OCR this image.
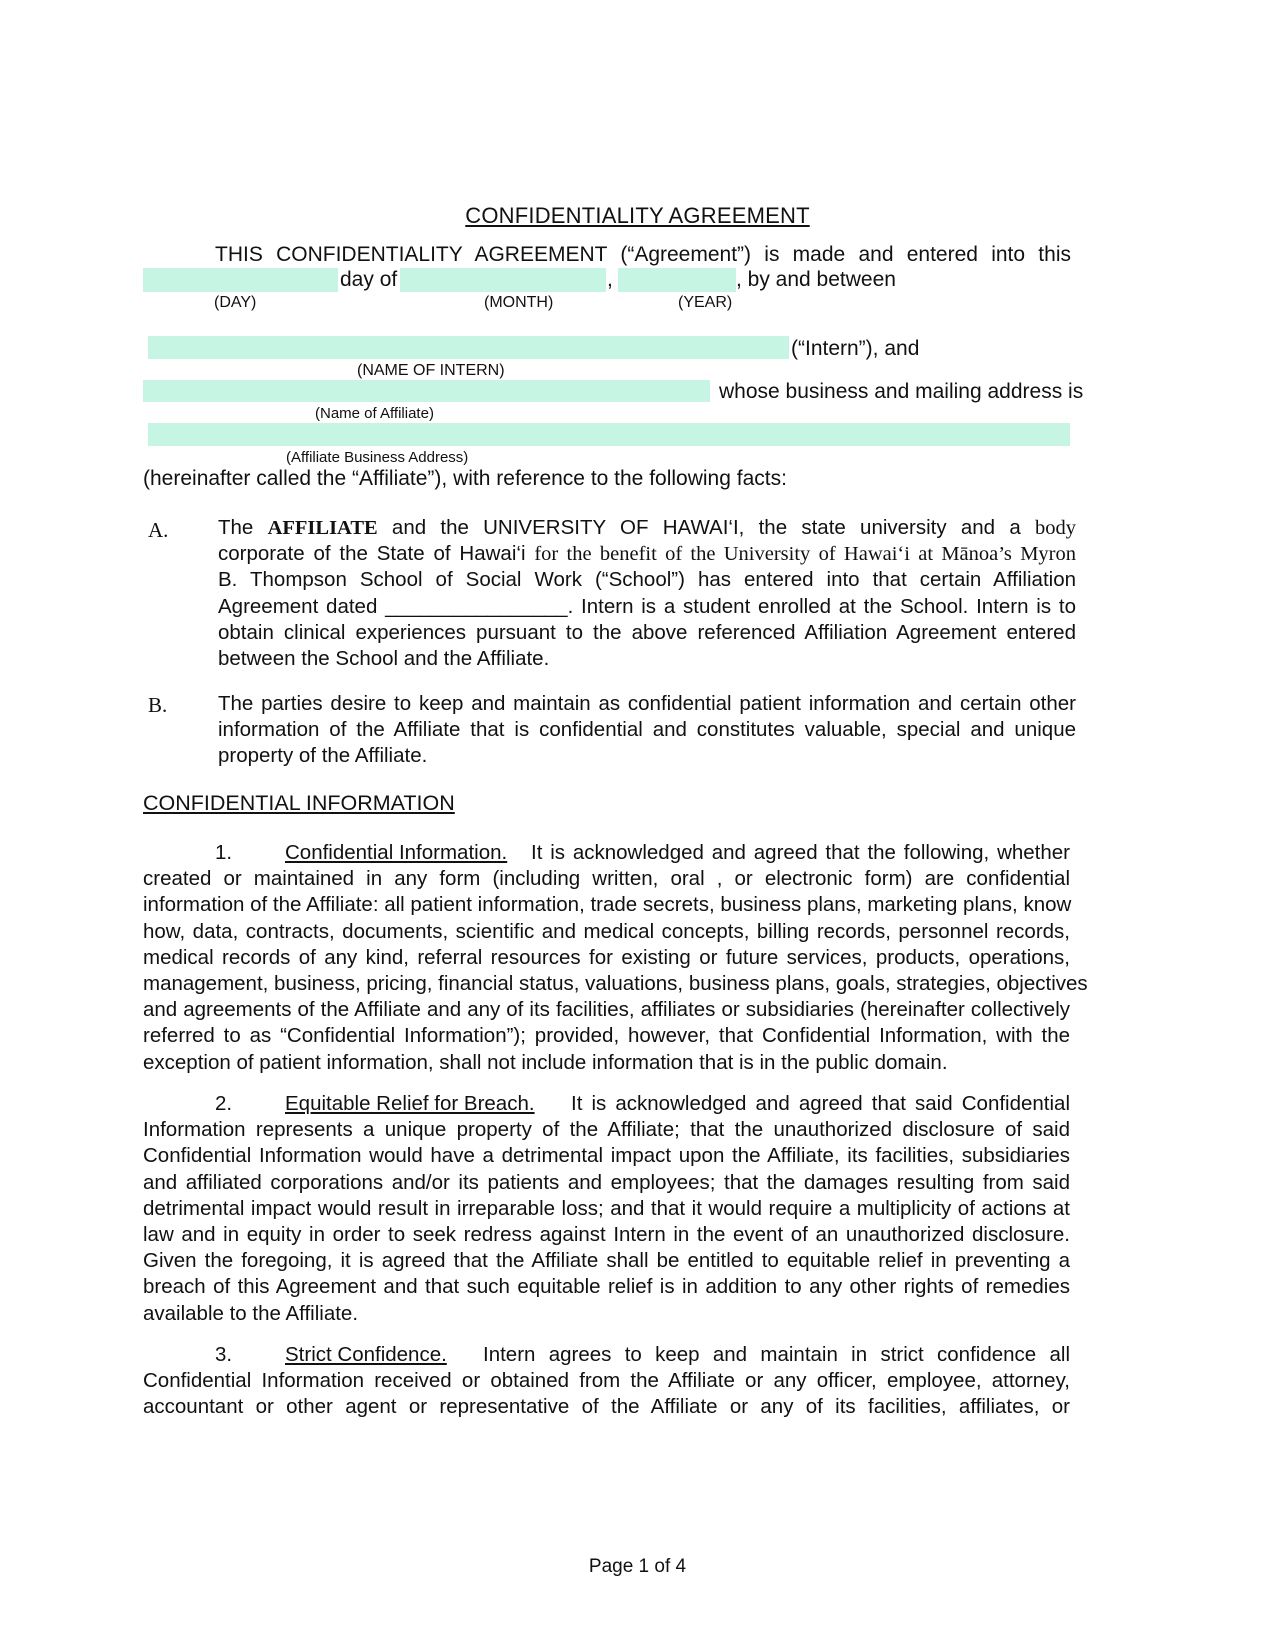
CONFIDENTIALITY AGREEMENT
THIS CONFIDENTIALITY AGREEMENT (“Agreement”) is made and entered into this
day of	,	, by and between
(DAY)	(MONTH)	(YEAR)
(“Intern”), and
(NAME OF INTERN)
whose business and mailing address is
(Name of Affiliate)
(Affiliate Business Address)
(hereinafter called the “Affiliate”), with reference to the following facts:
A. The AFFILIATE and the UNIVERSITY OF HAWAI‘I, the state university and a body
corporate of the State of Hawai‘i for the benefit of the University of Hawai‘i at Mānoa’s Myron
B. Thompson School of Social Work (“School”) has entered into that certain Affiliation
Agreement dated ________________. Intern is a student enrolled at the School. Intern is to
obtain clinical experiences pursuant to the above referenced Affiliation Agreement entered
between the School and the Affiliate.
B. The parties desire to keep and maintain as confidential patient information and certain other
information of the Affiliate that is confidential and constitutes valuable, special and unique
property of the Affiliate.
CONFIDENTIAL INFORMATION
1.	Confidential Information. It is acknowledged and agreed that the following, whether
created or maintained in any form (including written, oral , or electronic form) are confidential
information of the Affiliate: all patient information, trade secrets, business plans, marketing plans, know
how, data, contracts, documents, scientific and medical concepts, billing records, personnel records,
medical records of any kind, referral resources for existing or future services, products, operations,
management, business, pricing, financial status, valuations, business plans, goals, strategies, objectives
and agreements of the Affiliate and any of its facilities, affiliates or subsidiaries (hereinafter collectively
referred to as “Confidential Information”); provided, however, that Confidential Information, with the
exception of patient information, shall not include information that is in the public domain.
2.	Equitable Relief for Breach. It is acknowledged and agreed that said Confidential
Information represents a unique property of the Affiliate; that the unauthorized disclosure of said
Confidential Information would have a detrimental impact upon the Affiliate, its facilities, subsidiaries
and affiliated corporations and/or its patients and employees; that the damages resulting from said
detrimental impact would result in irreparable loss; and that it would require a multiplicity of actions at
law and in equity in order to seek redress against Intern in the event of an unauthorized disclosure.
Given the foregoing, it is agreed that the Affiliate shall be entitled to equitable relief in preventing a
breach of this Agreement and that such equitable relief is in addition to any other rights of remedies
available to the Affiliate.
3.	Strict Confidence. Intern agrees to keep and maintain in strict confidence all
Confidential Information received or obtained from the Affiliate or any officer, employee, attorney,
accountant or other agent or representative of the Affiliate or any of its facilities, affiliates, or
Page 1 of 4
